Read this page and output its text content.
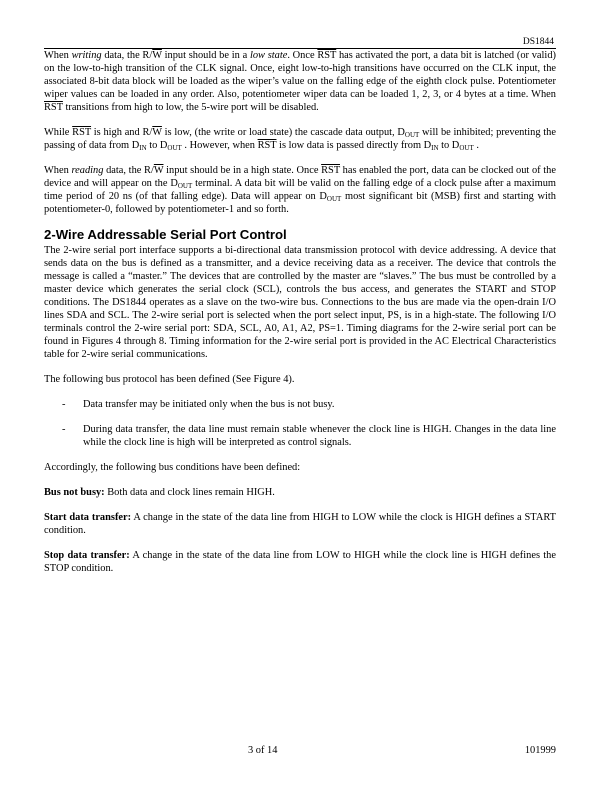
DS1844

When writing data, the $R/\overline{W}$ input should be in a low state. Once $\overline{RST}$ has activated the port, a data bit is latched (or valid) on the low-to-high transition of the CLK signal. Once, eight low-to-high transitions have occurred on the CLK input, the associated 8-bit data block will be loaded as the wiper’s value on the falling edge of the eighth clock pulse. Potentiometer wiper values can be loaded in any order. Also, potentiometer wiper data can be loaded 1, 2, 3, or 4 bytes at a time. When $\overline{RST}$ transitions from high to low, the 5-wire port will be disabled.

While $\overline{RST}$ is high and $R/\overline{W}$ is low, (the write or load state) the cascade data output, $D_{OUT}$ will be inhibited; preventing the passing of data from $D_{IN}$ to $D_{OUT}$ . However, when $\overline{RST}$ is low data is passed directly from $D_{IN}$ to $D_{OUT}$ .

When reading data, the $R/\overline{W}$ input should be in a high state. Once $\overline{RST}$ has enabled the port, data can be clocked out of the device and will appear on the $D_{OUT}$ terminal. A data bit will be valid on the falling edge of a clock pulse after a maximum time period of 20 ns (of that falling edge). Data will appear on $D_{OUT}$ most significant bit (MSB) first and starting with potentiometer-0, followed by potentiometer-1 and so forth.

2-Wire Addressable Serial Port Control

The 2-wire serial port interface supports a bi-directional data transmission protocol with device addressing. A device that sends data on the bus is defined as a transmitter, and a device receiving data as a receiver. The device that controls the message is called a “master.” The devices that are controlled by the master are “slaves.” The bus must be controlled by a master device which generates the serial clock (SCL), controls the bus access, and generates the START and STOP conditions. The DS1844 operates as a slave on the two-wire bus. Connections to the bus are made via the open-drain I/O lines SDA and SCL. The 2-wire serial port is selected when the port select input, PS, is in a high-state. The following I/O terminals control the 2-wire serial port: SDA, SCL, A0, A1, A2, PS=1. Timing diagrams for the 2-wire serial port can be found in Figures 4 through 8. Timing information for the 2-wire serial port is provided in the AC Electrical Characteristics table for 2-wire serial communications.

The following bus protocol has been defined (See Figure 4).

-	Data transfer may be initiated only when the bus is not busy.
-	During data transfer, the data line must remain stable whenever the clock line is HIGH. Changes in the data line while the clock line is high will be interpreted as control signals.

Accordingly, the following bus conditions have been defined:

Bus not busy: Both data and clock lines remain HIGH.

Start data transfer: A change in the state of the data line from HIGH to LOW while the clock is HIGH defines a START condition.

Stop data transfer: A change in the state of the data line from LOW to HIGH while the clock line is HIGH defines the STOP condition.

3 of 14	101999
